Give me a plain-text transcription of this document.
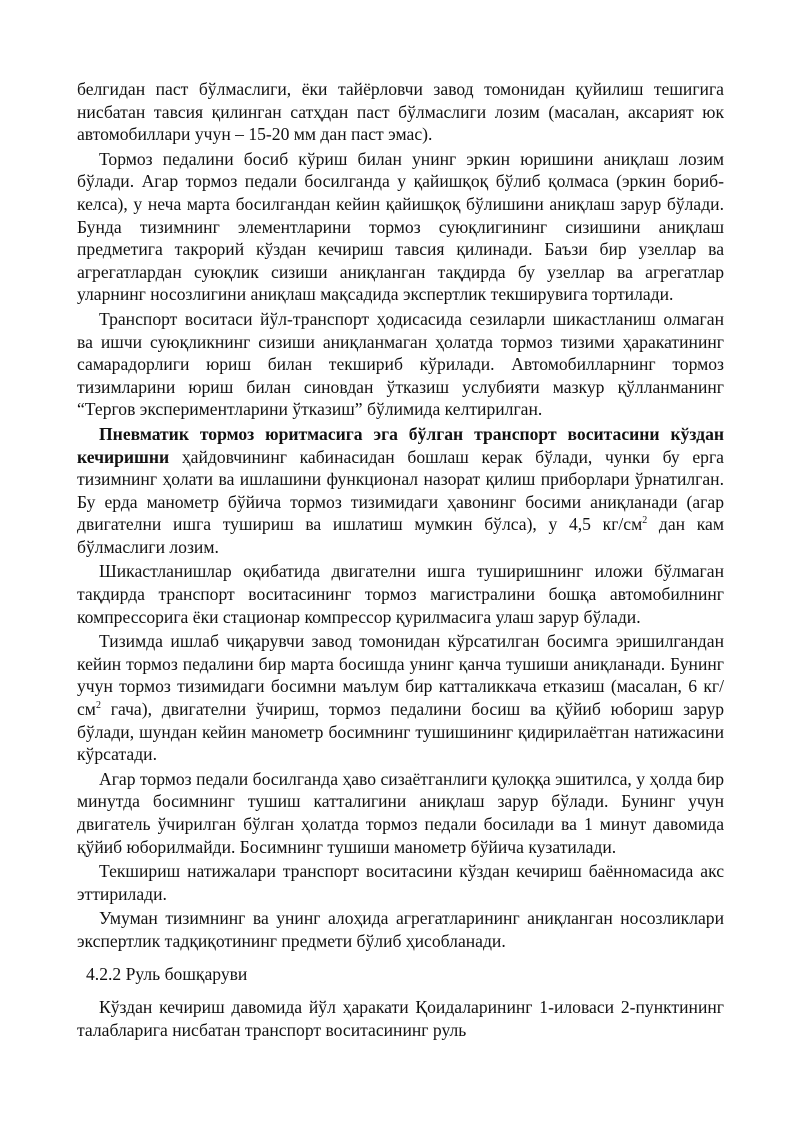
белгидан паст бўлмаслиги, ёки тайёрловчи завод томонидан қуйилиш тешигига нисбатан тавсия қилинган сатҳдан паст бўлмаслиги лозим (масалан, аксарият юк автомобиллари учун – 15-20 мм дан паст эмас).

Тормоз педалини босиб кўриш билан унинг эркин юришини аниқлаш лозим бўлади. Агар тормоз педали босилганда у қайишқоқ бўлиб қолмаса (эркин бориб-келса), у неча марта босилгандан кейин қайишқоқ бўлишини аниқлаш зарур бўлади. Бунда тизимнинг элементларини тормоз суюқлигининг сизишини аниқлаш предметига такрорий кўздан кечириш тавсия қилинади. Баъзи бир узеллар ва агрегатлардан суюқлик сизиши аниқланган тақдирда бу узеллар ва агрегатлар уларнинг носозлигини аниқлаш мақсадида экспертлик текширувига тортилади.

Транспорт воситаси йўл-транспорт ҳодисасида сезиларли шикастланиш олмаган ва ишчи суюқликнинг сизиши аниқланмаган ҳолатда тормоз тизими ҳаракатининг самарадорлиги юриш билан текшириб кўрилади. Автомобилларнинг тормоз тизимларини юриш билан синовдан ўтказиш услубияти мазкур қўлланманинг “Тергов экспериментларини ўтказиш” бўлимида келтирилган.

Пневматик тормоз юритмасига эга бўлган транспорт воситасини кўздан кечиришни ҳайдовчининг кабинасидан бошлаш керак бўлади, чунки бу ерга тизимнинг ҳолати ва ишлашини функционал назорат қилиш приборлари ўрнатилган. Бу ерда манометр бўйича тормоз тизимидаги ҳавонинг босими аниқланади (агар двигателни ишга тушириш ва ишлатиш мумкин бўлса), у 4,5 $кг/см^2$ дан кам бўлмаслиги лозим.

Шикастланишлар оқибатида двигателни ишга туширишнинг иложи бўлмаган тақдирда транспорт воситасининг тормоз магистралини бошқа автомобилнинг компрессорига ёки стационар компрессор қурилмасига улаш зарур бўлади.

Тизимда ишлаб чиқарувчи завод томонидан кўрсатилган босимга эришилгандан кейин тормоз педалини бир марта босишда унинг қанча тушиши аниқланади. Бунинг учун тормоз тизимидаги босимни маълум бир катталиккача етказиш (масалан, 6 $кг/см^2$ гача), двигателни ўчириш, тормоз педалини босиш ва қўйиб юбориш зарур бўлади, шундан кейин манометр босимнинг тушишининг қидирилаётган натижасини кўрсатади.

Агар тормоз педали босилганда ҳаво сизаётганлиги қулоққа эшитилса, у ҳолда бир минутда босимнинг тушиш катталигини аниқлаш зарур бўлади. Бунинг учун двигатель ўчирилган бўлган ҳолатда тормоз педали босилади ва 1 минут давомида қўйиб юборилмайди. Босимнинг тушиши манометр бўйича кузатилади.

Текшириш натижалари транспорт воситасини кўздан кечириш баённомасида акс эттирилади.

Умуман тизимнинг ва унинг алоҳида агрегатларининг аниқланган носозликлари экспертлик тадқиқотининг предмети бўлиб ҳисобланади.

4.2.2 Руль бошқаруви

Кўздан кечириш давомида йўл ҳаракати Қоидаларининг 1-иловаси 2-пунктининг талабларига нисбатан транспорт воситасининг руль
